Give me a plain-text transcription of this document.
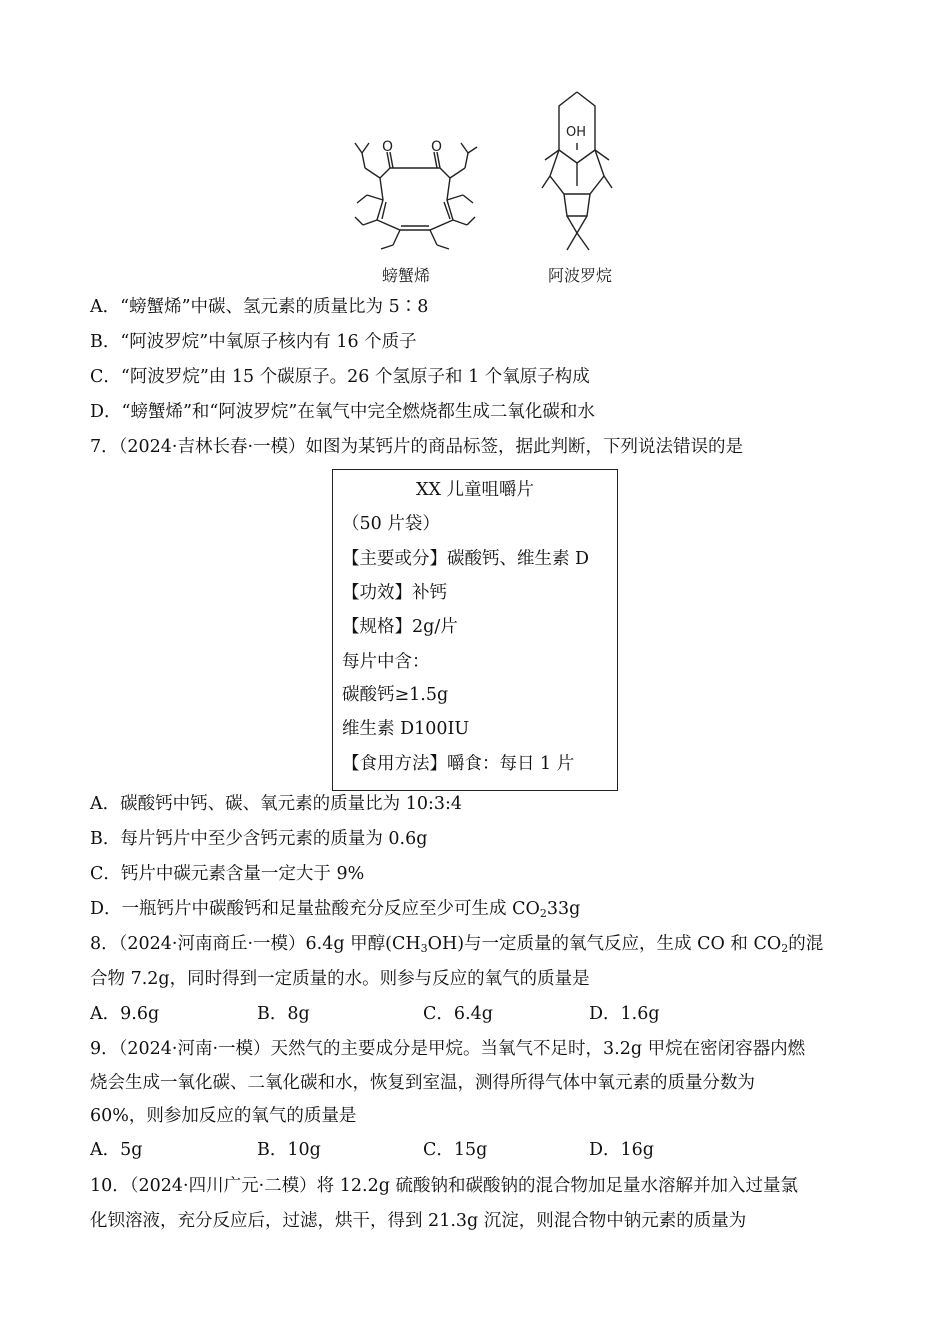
O	O
螃蟹烯
OH
阿波罗烷
A．“螃蟹烯”中碳、氢元素的质量比为 5∶8
B．“阿波罗烷”中氧原子核内有 16 个质子
C．“阿波罗烷”由 15 个碳原子。26 个氢原子和 1 个氧原子构成
D．“螃蟹烯”和“阿波罗烷”在氧气中完全燃烧都生成二氧化碳和水
7．（2024·吉林长春·一模）如图为某钙片的商品标签，据此判断，下列说法错误的是
XX 儿童咀嚼片
（50 片袋）
【主要或分】碳酸钙、维生素 D
【功效】补钙
【规格】2g/片
每片中含：
碳酸钙≥1.5g
维生素 D100IU
【食用方法】嚼食：每日 1 片
A．碳酸钙中钙、碳、氧元素的质量比为 10:3:4
B．每片钙片中至少含钙元素的质量为 0.6g
C．钙片中碳元素含量一定大于 9%
D．一瓶钙片中碳酸钙和足量盐酸充分反应至少可生成 $CO_233g$
8．（2024·河南商丘·一模）6.4g 甲醇$(CH_3OH)$与一定质量的氧气反应，生成 CO 和 $CO_2$的混
合物 7.2g，同时得到一定质量的水。则参与反应的氧气的质量是
A．9.6g	B．8g	C．6.4g	D．1.6g
9．（2024·河南·一模）天然气的主要成分是甲烷。当氧气不足时，3.2g 甲烷在密闭容器内燃
烧会生成一氧化碳、二氧化碳和水，恢复到室温，测得所得气体中氧元素的质量分数为
60%，则参加反应的氧气的质量是
A．5g	B．10g	C．15g	D．16g
10．（2024·四川广元·二模）将 12.2g 硫酸钠和碳酸钠的混合物加足量水溶解并加入过量氯
化钡溶液，充分反应后，过滤，烘干，得到 21.3g 沉淀，则混合物中钠元素的质量为
